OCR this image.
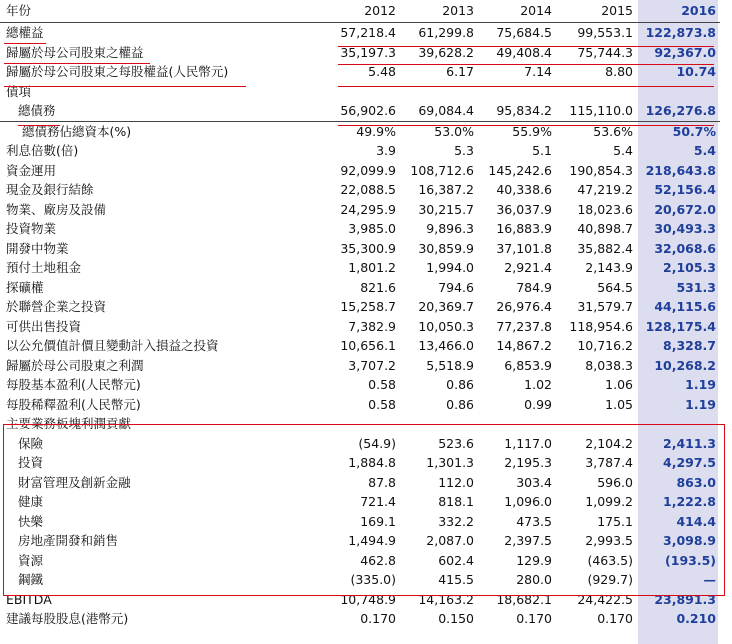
年份	2012	2013	2014	2015	2016
總權益	57,218.4	61,299.8	75,684.5	99,553.1	122,873.8
歸屬於母公司股東之權益	35,197.3	39,628.2	49,408.4	75,744.3	92,367.0
歸屬於母公司股東之每股權益(人民幣元)	5.48	6.17	7.14	8.80	10.74
債項					
總債務	56,902.6	69,084.4	95,834.2	115,110.0	126,276.8
總債務佔總資本(%)	49.9%	53.0%	55.9%	53.6%	50.7%
利息倍數(倍)	3.9	5.3	5.1	5.4	5.4
資金運用	92,099.9	108,712.6	145,242.6	190,854.3	218,643.8
現金及銀行結餘	22,088.5	16,387.2	40,338.6	47,219.2	52,156.4
物業、廠房及設備	24,295.9	30,215.7	36,037.9	18,023.6	20,672.0
投資物業	3,985.0	9,896.3	16,883.9	40,898.7	30,493.3
開發中物業	35,300.9	30,859.9	37,101.8	35,882.4	32,068.6
預付土地租金	1,801.2	1,994.0	2,921.4	2,143.9	2,105.3
探礦權	821.6	794.6	784.9	564.5	531.3
於聯營企業之投資	15,258.7	20,369.7	26,976.4	31,579.7	44,115.6
可供出售投資	7,382.9	10,050.3	77,237.8	118,954.6	128,175.4
以公允價值計價且變動計入損益之投資	10,656.1	13,466.0	14,867.2	10,716.2	8,328.7
歸屬於母公司股東之利潤	3,707.2	5,518.9	6,853.9	8,038.3	10,268.2
每股基本盈利(人民幣元)	0.58	0.86	1.02	1.06	1.19
每股稀釋盈利(人民幣元)	0.58	0.86	0.99	1.05	1.19
主要業務板塊利潤貢獻					
保險	(54.9)	523.6	1,117.0	2,104.2	2,411.3
投資	1,884.8	1,301.3	2,195.3	3,787.4	4,297.5
財富管理及創新金融	87.8	112.0	303.4	596.0	863.0
健康	721.4	818.1	1,096.0	1,099.2	1,222.8
快樂	169.1	332.2	473.5	175.1	414.4
房地產開發和銷售	1,494.9	2,087.0	2,397.5	2,993.5	3,098.9
資源	462.8	602.4	129.9	(463.5)	(193.5)
鋼鐵	(335.0)	415.5	280.0	(929.7)	—
EBITDA	10,748.9	14,163.2	18,682.1	24,422.5	23,891.3
建議每股股息(港幣元)	0.170	0.150	0.170	0.170	0.210
